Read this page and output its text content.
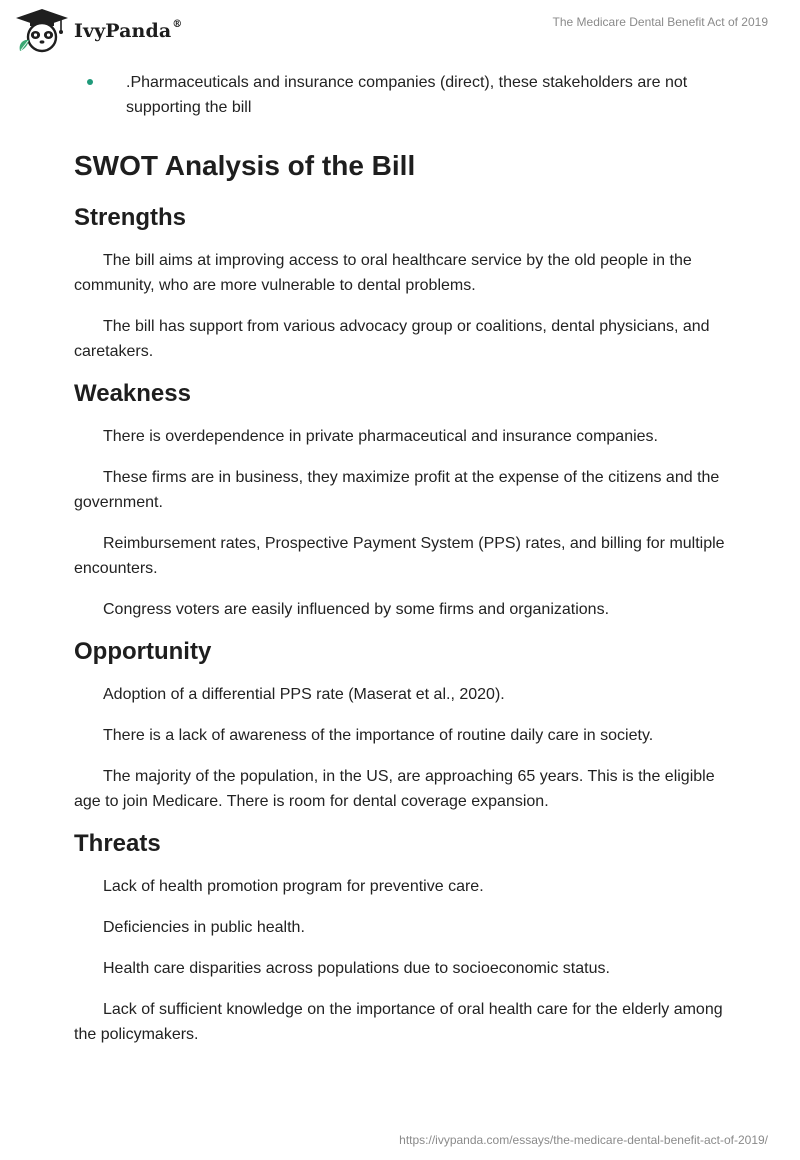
IvyPanda®	The Medicare Dental Benefit Act of 2019
.Pharmaceuticals and insurance companies (direct), these stakeholders are not supporting the bill
SWOT Analysis of the Bill
Strengths

The bill aims at improving access to oral healthcare service by the old people in the community, who are more vulnerable to dental problems.

The bill has support from various advocacy group or coalitions, dental physicians, and caretakers.

Weakness

There is overdependence in private pharmaceutical and insurance companies.

These firms are in business, they maximize profit at the expense of the citizens and the government.

Reimbursement rates, Prospective Payment System (PPS) rates, and billing for multiple encounters.

Congress voters are easily influenced by some firms and organizations.

Opportunity

Adoption of a differential PPS rate (Maserat et al., 2020).

There is a lack of awareness of the importance of routine daily care in society.

The majority of the population, in the US, are approaching 65 years. This is the eligible age to join Medicare. There is room for dental coverage expansion.

Threats

Lack of health promotion program for preventive care.

Deficiencies in public health.

Health care disparities across populations due to socioeconomic status.

Lack of sufficient knowledge on the importance of oral health care for the elderly among the policymakers.

https://ivypanda.com/essays/the-medicare-dental-benefit-act-of-2019/
